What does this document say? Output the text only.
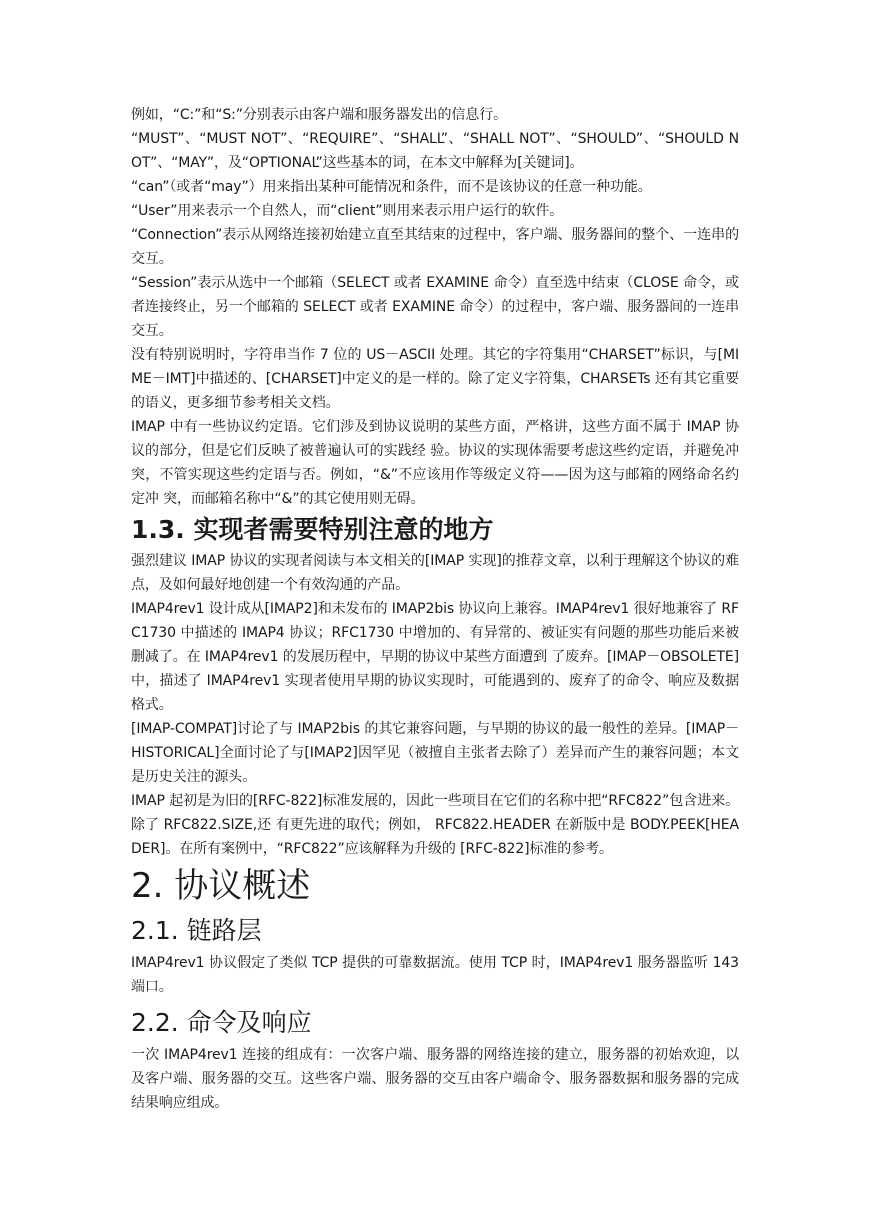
例如，“C:”和“S:”分别表示由客户端和服务器发出的信息行。

“MUST”、“MUST NOT”、“REQUIRE”、“SHALL”、“SHALL NOT”、“SHOULD”、“SHOULD NOT”、“MAY”，及“OPTIONAL”这些基本的词，在本文中解释为[关键词]。

“can”（或者“may”）用来指出某种可能情况和条件，而不是该协议的任意一种功能。

“User”用来表示一个自然人，而“client”则用来表示用户运行的软件。

“Connection”表示从网络连接初始建立直至其结束的过程中，客户端、服务器间的整个、一连串的交互。

“Session”表示从选中一个邮箱（SELECT 或者 EXAMINE 命令）直至选中结束（CLOSE 命令，或者连接终止，另一个邮箱的 SELECT 或者 EXAMINE 命令）的过程中，客户端、服务器间的一连串交互。

没有特别说明时，字符串当作 7 位的 US－ASCII 处理。其它的字符集用“CHARSET”标识，与[MIME－IMT]中描述的、[CHARSET]中定义的是一样的。除了定义字符集，CHARSETs 还有其它重要的语义，更多细节参考相关文档。

IMAP 中有一些协议约定语。它们涉及到协议说明的某些方面，严格讲，这些方面不属于 IMAP 协议的部分，但是它们反映了被普遍认可的实践经 验。协议的实现体需要考虑这些约定语，并避免冲突，不管实现这些约定语与否。例如，“&”不应该用作等级定义符——因为这与邮箱的网络命名约定冲 突，而邮箱名称中“&”的其它使用则无碍。

1.3. 实现者需要特别注意的地方

强烈建议 IMAP 协议的实现者阅读与本文相关的[IMAP 实现]的推荐文章，以利于理解这个协议的难点，及如何最好地创建一个有效沟通的产品。

IMAP4rev1 设计成从[IMAP2]和未发布的 IMAP2bis 协议向上兼容。IMAP4rev1 很好地兼容了 RFC1730 中描述的 IMAP4 协议；RFC1730 中增加的、有异常的、被证实有问题的那些功能后来被删减了。在 IMAP4rev1 的发展历程中，早期的协议中某些方面遭到 了废弃。[IMAP－OBSOLETE]中，描述了 IMAP4rev1 实现者使用早期的协议实现时，可能遇到的、废弃了的命令、响应及数据格式。

[IMAP-COMPAT]讨论了与 IMAP2bis 的其它兼容问题，与早期的协议的最一般性的差异。[IMAP－HISTORICAL]全面讨论了与[IMAP2]因罕见（被擅自主张者去除了）差异而产生的兼容问题；本文是历史关注的源头。

IMAP 起初是为旧的[RFC-822]标准发展的，因此一些项目在它们的名称中把“RFC822”包含进来。除了 RFC822.SIZE,还 有更先进的取代；例如， RFC822.HEADER 在新版中是 BODY.PEEK[HEADER]。在所有案例中，“RFC822”应该解释为升级的 [RFC-822]标准的参考。

2. 协议概述
2.1. 链路层

IMAP4rev1 协议假定了类似 TCP 提供的可靠数据流。使用 TCP 时，IMAP4rev1 服务器监听 143 端口。

2.2. 命令及响应

一次 IMAP4rev1 连接的组成有：一次客户端、服务器的网络连接的建立，服务器的初始欢迎，以及客户端、服务器的交互。这些客户端、服务器的交互由客户端命令、服务器数据和服务器的完成结果响应组成。
